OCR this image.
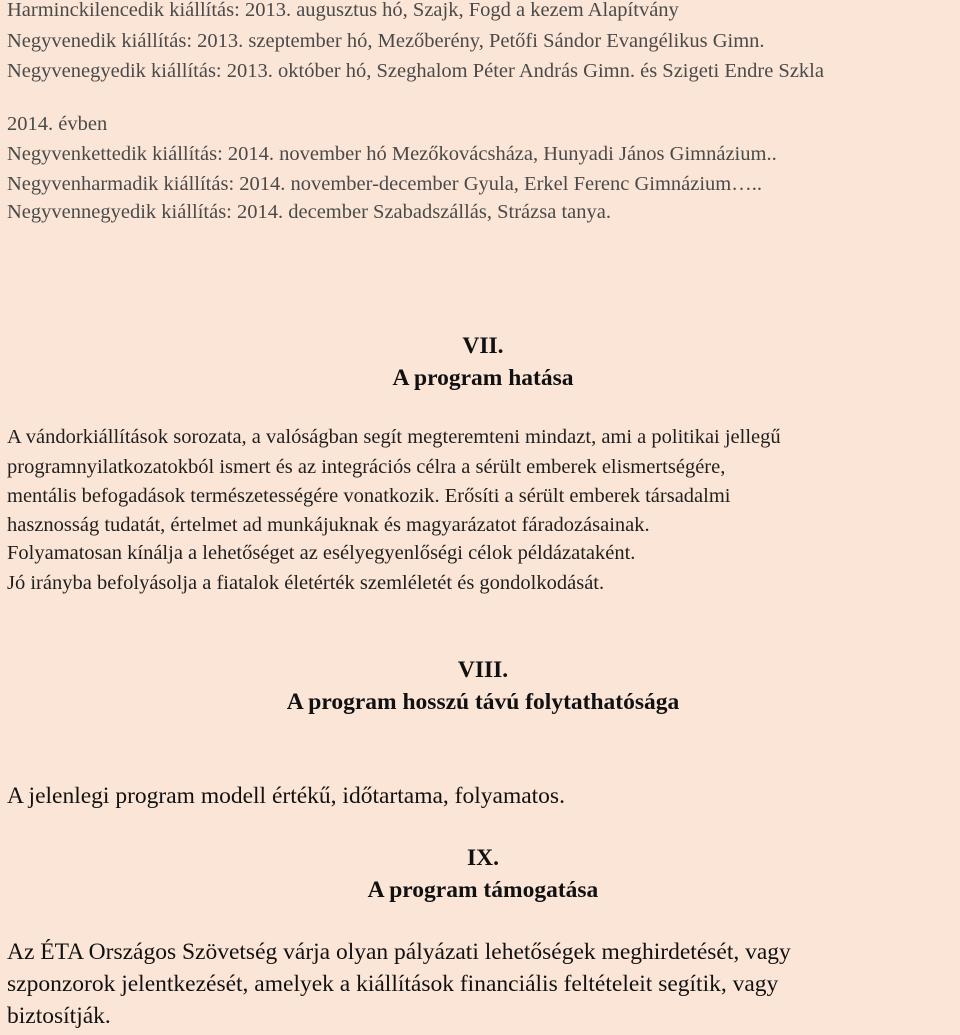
Harminckilencedik kiállítás: 2013. augusztus hó, Szajk, Fogd a kezem Alapítvány

Negyvenedik kiállítás: 2013. szeptember hó, Mezőberény, Petőfi Sándor Evangélikus Gimn.

Negyvenegyedik kiállítás: 2013. október hó, Szeghalom Péter András Gimn. és Szigeti Endre Szkla

2014. évben

Negyvenkettedik kiállítás: 2014. november hó Mezőkovácsháza, Hunyadi János Gimnázium..

Negyvenharmadik kiállítás: 2014. november-december Gyula, Erkel Ferenc Gimnázium…..

Negyvennegyedik kiállítás: 2014. december Szabadszállás, Strázsa tanya.

VII.
A program hatása

A vándorkiállítások sorozata, a valóságban segít megteremteni mindazt, ami a politikai jellegű

programnyilatkozatokból ismert és az integrációs célra a sérült emberek elismertségére,

mentális befogadások természetességére vonatkozik. Erősíti a sérült emberek társadalmi

hasznosság tudatát, értelmet ad munkájuknak és magyarázatot fáradozásainak.

Folyamatosan kínálja a lehetőséget az esélyegyenlőségi célok példázataként.

Jó irányba befolyásolja a fiatalok életérték szemléletét és gondolkodását.

VIII.
A program hosszú távú folytathatósága

A jelenlegi program modell értékű, időtartama, folyamatos.

IX.
A program támogatása

Az ÉTA Országos Szövetség várja olyan pályázati lehetőségek meghirdetését, vagy

szponzorok jelentkezését, amelyek a kiállítások financiális feltételeit segítik, vagy

biztosítják.
